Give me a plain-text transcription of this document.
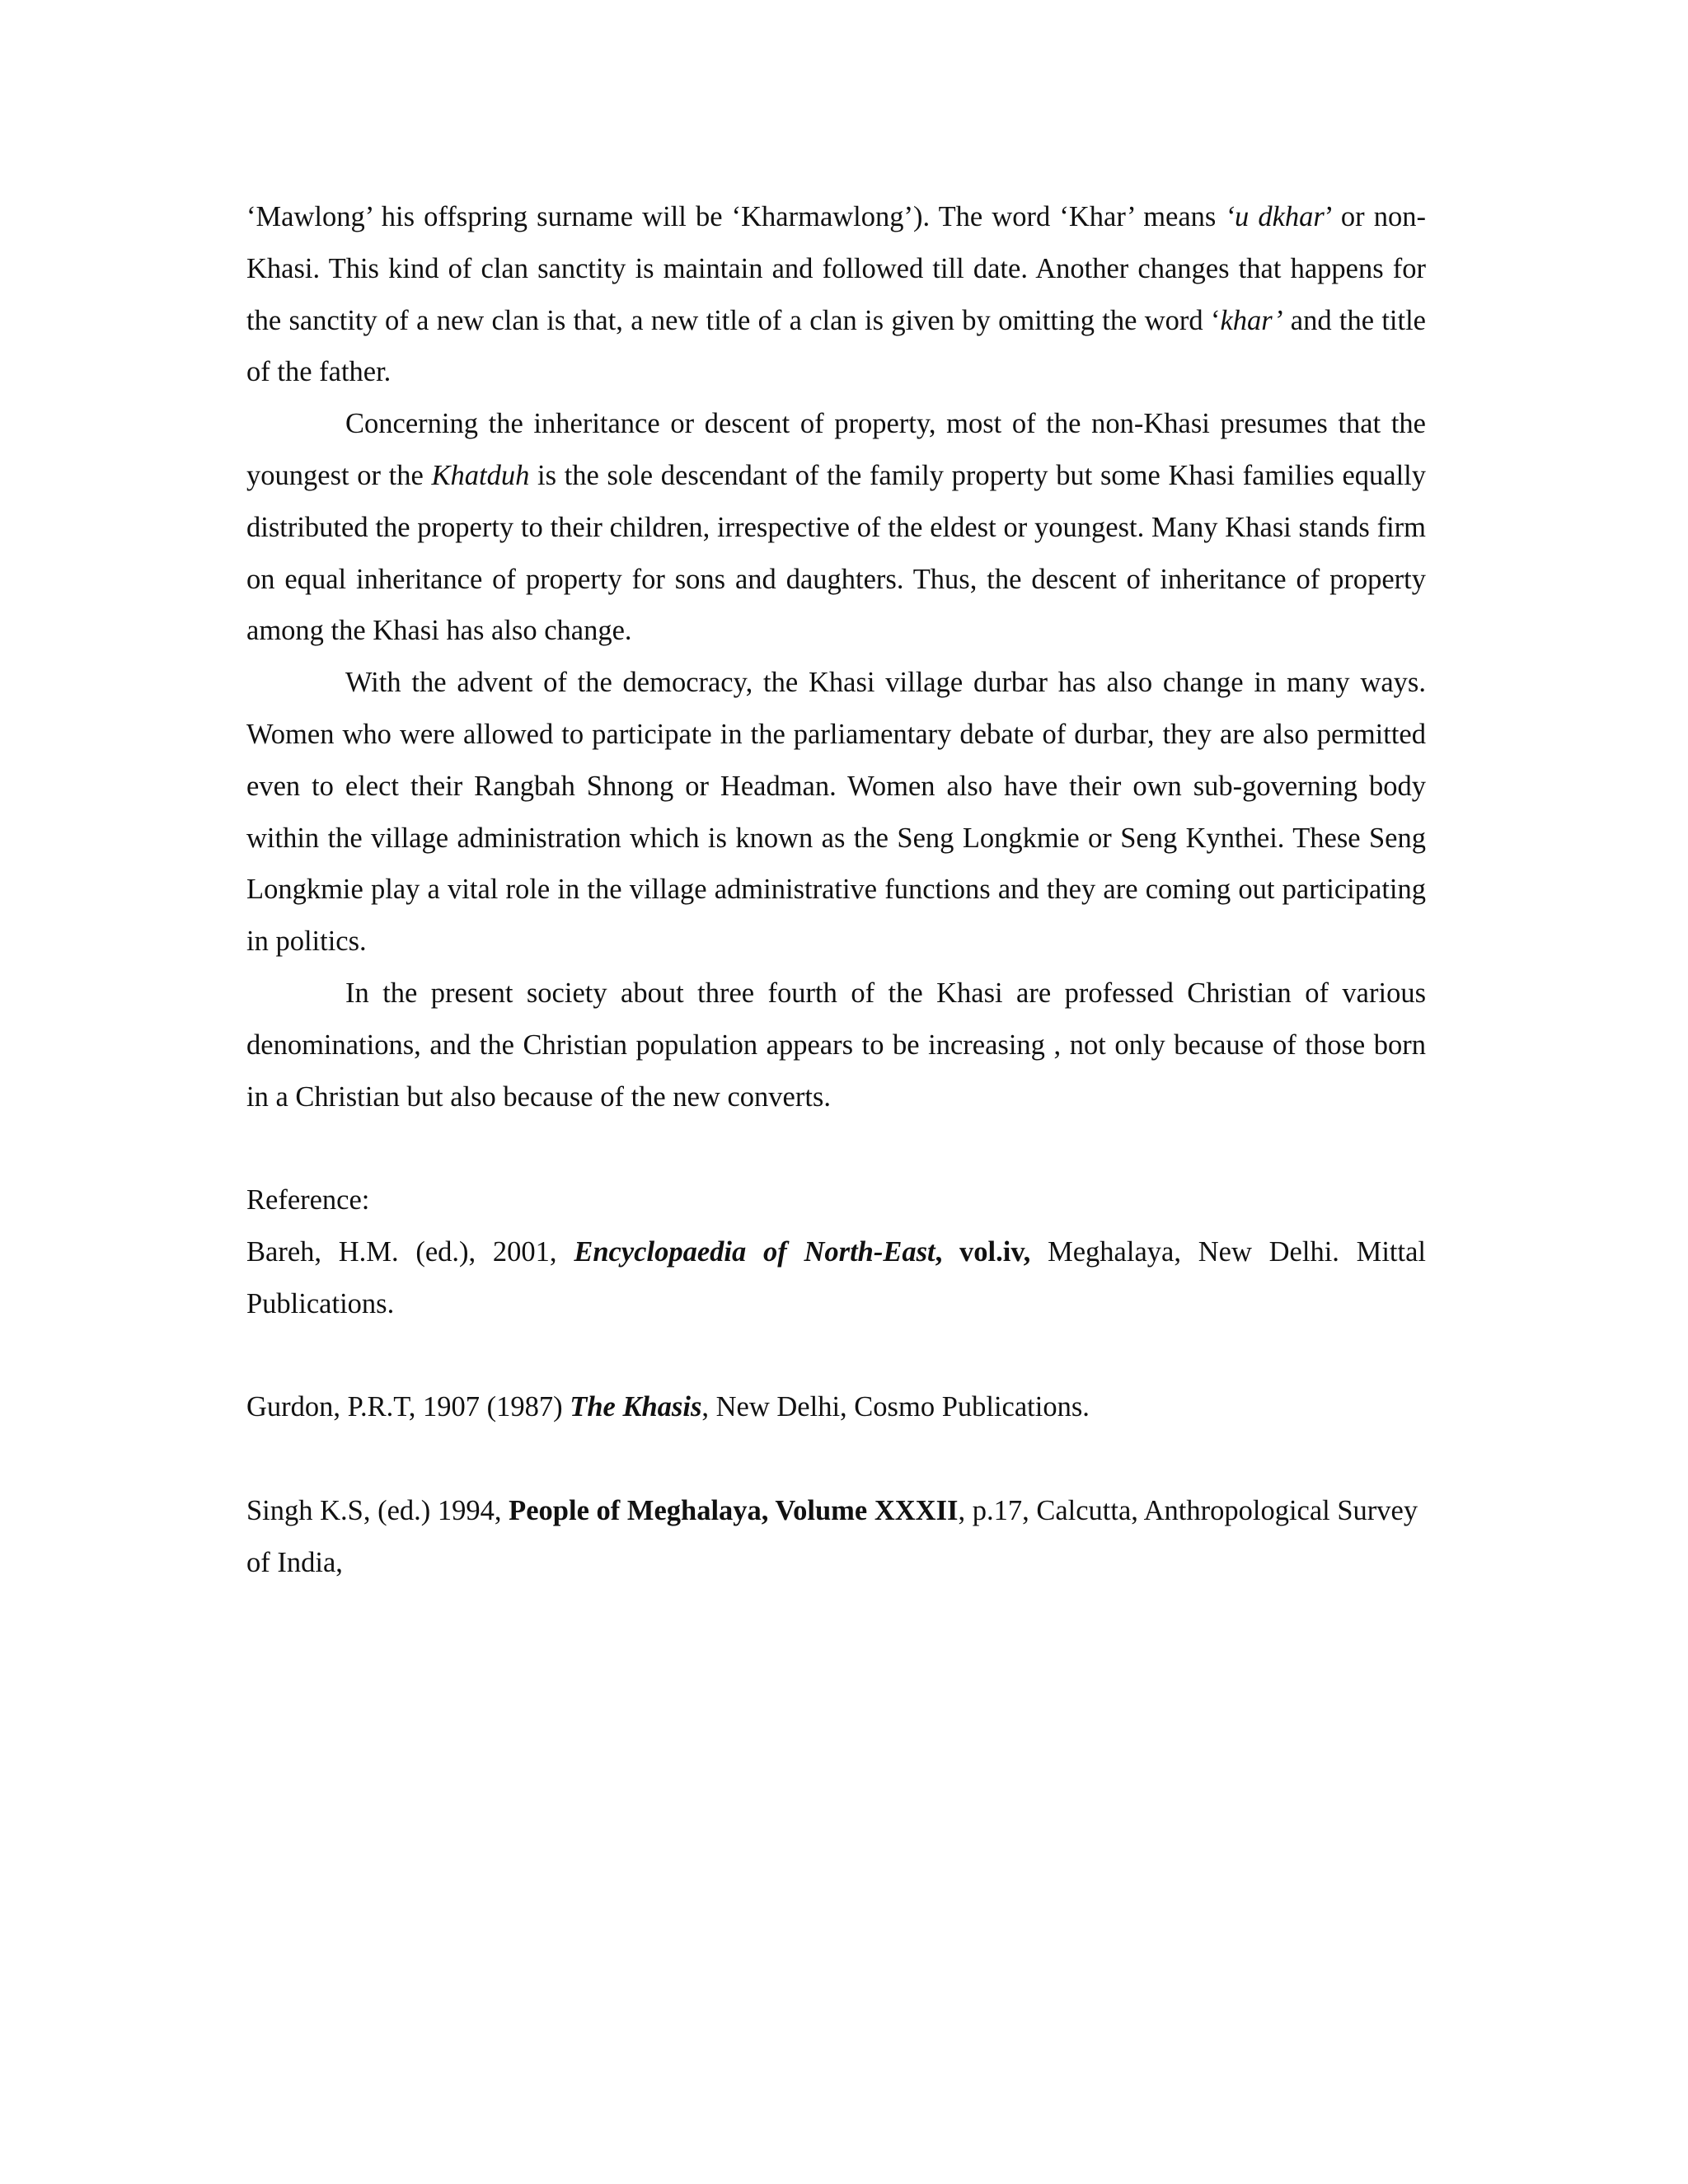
‘Mawlong’ his offspring surname will be ‘Kharmawlong’). The word ‘Khar’ means ‘u dkhar’ or non-Khasi. This kind of clan sanctity is maintain and followed till date. Another changes that happens for the sanctity of a new clan is that, a new title of a clan is given by omitting the word ‘khar’ and the title of the father.

Concerning the inheritance or descent of property, most of the non-Khasi presumes that the youngest or the Khatduh is the sole descendant of the family property but some Khasi families equally distributed the property to their children, irrespective of the eldest or youngest. Many Khasi stands firm on equal inheritance of property for sons and daughters. Thus, the descent of inheritance of property among the Khasi has also change.

With the advent of the democracy, the Khasi village durbar has also change in many ways. Women who were allowed to participate in the parliamentary debate of durbar, they are also permitted even to elect their Rangbah Shnong or Headman. Women also have their own sub-governing body within the village administration which is known as the Seng Longkmie or Seng Kynthei. These Seng Longkmie play a vital role in the village administrative functions and they are coming out participating in politics.

In the present society about three fourth of the Khasi are professed Christian of various denominations, and the Christian population appears to be increasing , not only because of those born in a Christian but also because of the new converts.

Reference:

Bareh, H.M. (ed.), 2001, Encyclopaedia of North-East, vol.iv, Meghalaya, New Delhi. Mittal Publications.

Gurdon, P.R.T, 1907 (1987) The Khasis, New Delhi, Cosmo Publications.

Singh K.S, (ed.) 1994, People of Meghalaya, Volume XXXII, p.17, Calcutta, Anthropological Survey of India,
